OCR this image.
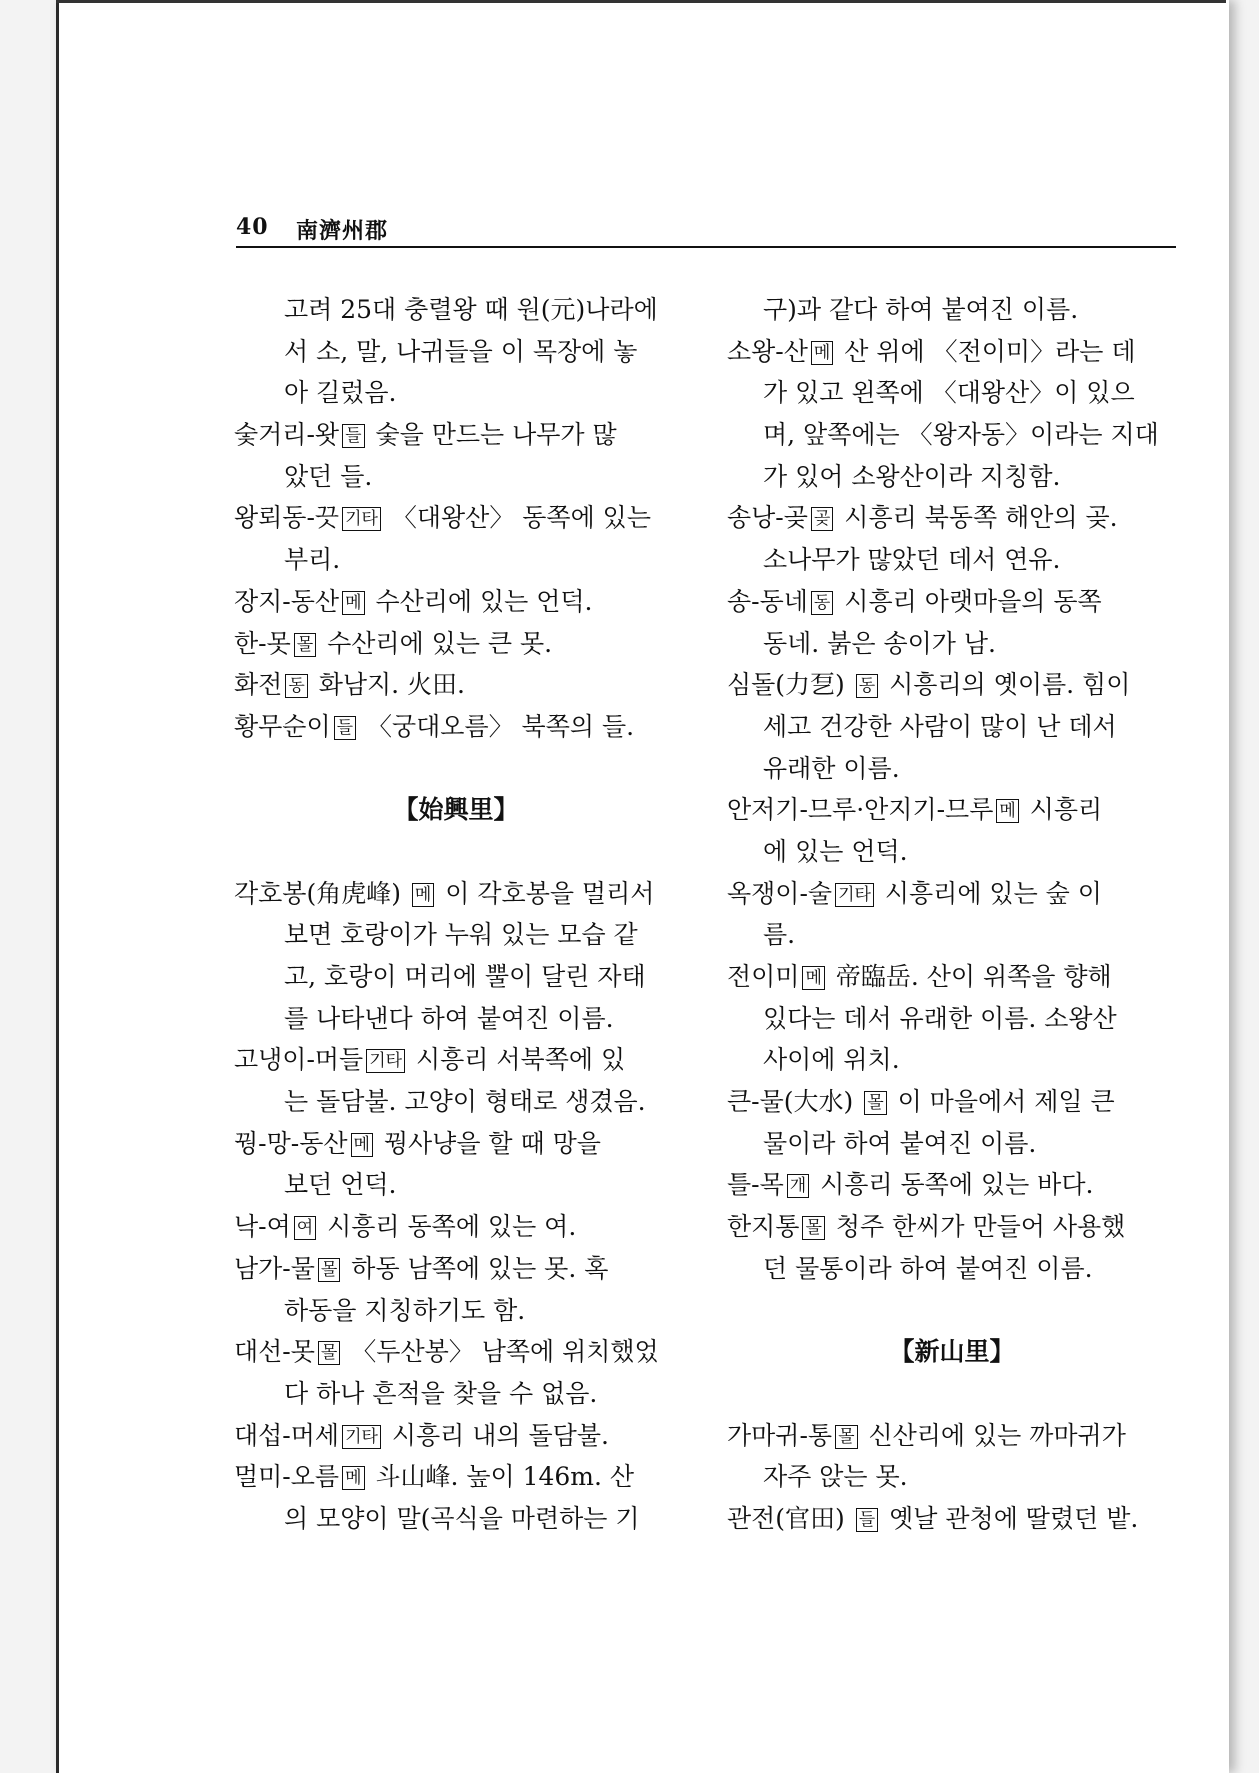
40 南濟州郡
고려 25대 충렬왕 때 원(元)나라에
서 소, 말, 나귀들을 이 목장에 놓
아 길렀음.
숯거리-왓 들 숯을 만드는 나무가 많
았던 들.
왕뢰동-끗 기타 〈대왕산〉 동쪽에 있는
부리.
장지-동산 메 수산리에 있는 언덕.
한-못 몰 수산리에 있는 큰 못.
화전 동 화남지. 火田.
황무순이 들 〈궁대오름〉 북쪽의 들.
【始興里】
각호봉(角虎峰) 메 이 각호봉을 멀리서
보면 호랑이가 누워 있는 모습 같
고, 호랑이 머리에 뿔이 달린 자태
를 나타낸다 하여 붙여진 이름.
고냉이-머들 기타 시흥리 서북쪽에 있
는 돌담불. 고양이 형태로 생겼음.
꿩-망-동산 메 꿩사냥을 할 때 망을
보던 언덕.
낙-여 여 시흥리 동쪽에 있는 여.
남가-물 몰 하동 남쪽에 있는 못. 혹
하동을 지칭하기도 함.
대선-못 몰 〈두산봉〉 남쪽에 위치했었
다 하나 흔적을 찾을 수 없음.
대섭-머세 기타 시흥리 내의 돌담불.
멀미-오름 메 斗山峰. 높이 146m. 산
의 모양이 말(곡식을 마련하는 기
구)과 같다 하여 붙여진 이름.
소왕-산 메 산 위에 〈전이미〉라는 데
가 있고 왼쪽에 〈대왕산〉이 있으
며, 앞쪽에는 〈왕자동〉이라는 지대
가 있어 소왕산이라 지칭함.
송낭-곶 곶 시흥리 북동쪽 해안의 곶.
소나무가 많았던 데서 연유.
송-동네 동 시흥리 아랫마을의 동쪽
동네. 붉은 송이가 남.
심돌(力乭) 동 시흥리의 옛이름. 힘이
세고 건강한 사람이 많이 난 데서
유래한 이름.
안저기-므루·안지기-므루 메 시흥리
에 있는 언덕.
옥쟁이-술 기타 시흥리에 있는 숲 이
름.
전이미 메 帝臨岳. 산이 위쪽을 향해
있다는 데서 유래한 이름. 소왕산
사이에 위치.
큰-물(大水) 몰 이 마을에서 제일 큰
물이라 하여 붙여진 이름.
틀-목 개 시흥리 동쪽에 있는 바다.
한지통 몰 청주 한씨가 만들어 사용했
던 물통이라 하여 붙여진 이름.
【新山里】
가마귀-통 몰 신산리에 있는 까마귀가
자주 앉는 못.
관전(官田) 들 옛날 관청에 딸렸던 밭.
